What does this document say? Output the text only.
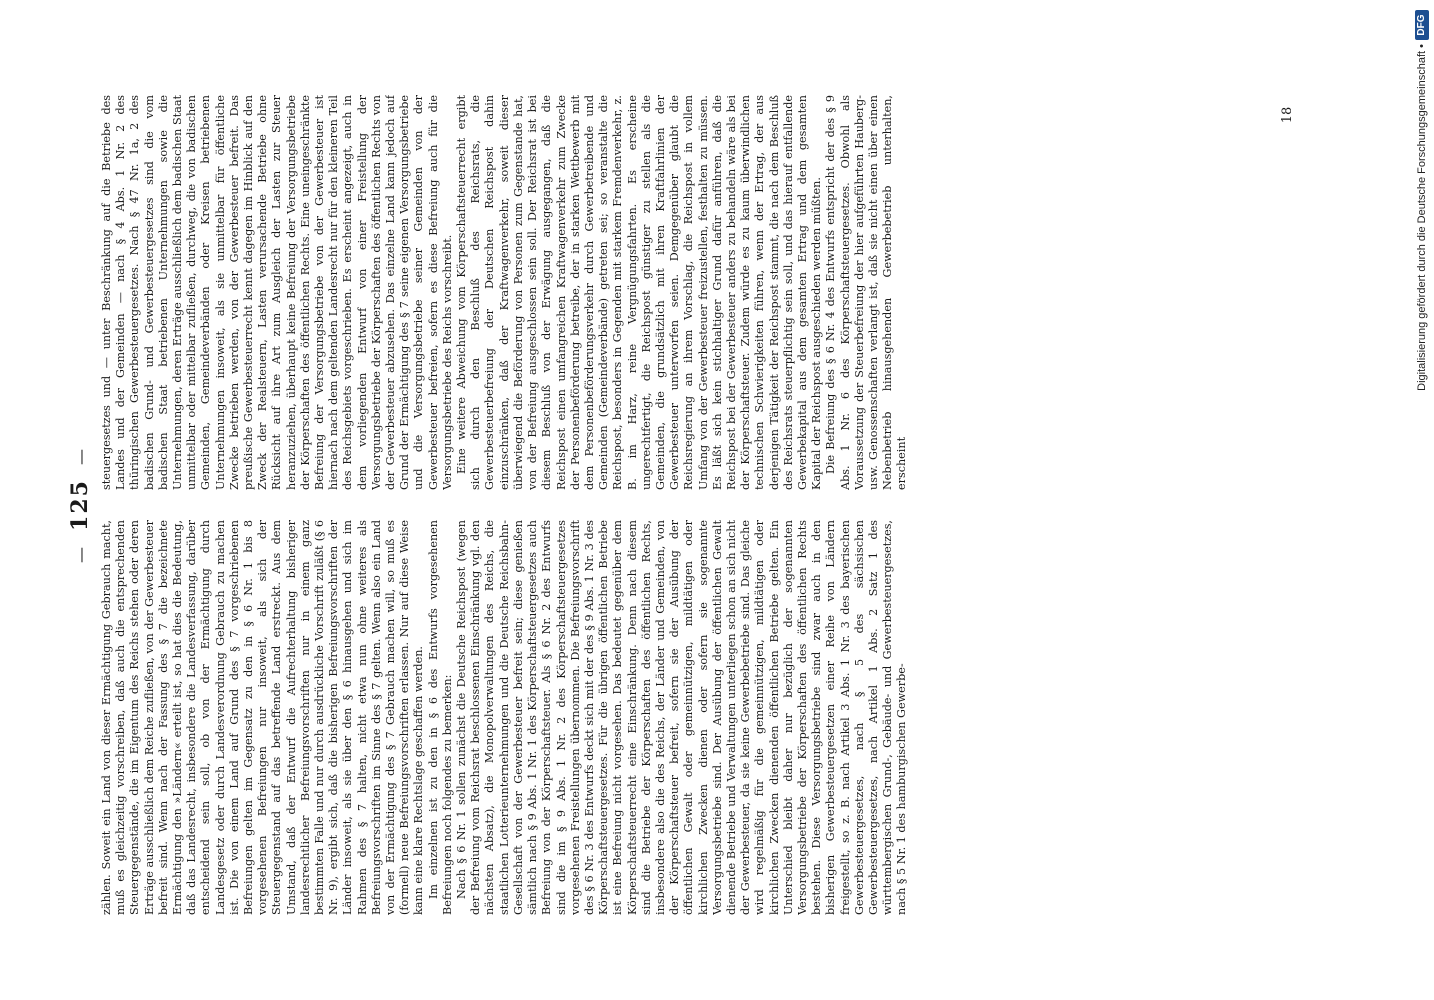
—
125
—

zählen. Soweit ein Land von dieser Ermächtigung Gebrauch macht, muß es gleichzeitig vorschreiben, daß auch die entsprechenden Steuergegenstände, die im Eigentum des Reichs stehen oder deren Erträge ausschließlich dem Reiche zufließen, von der Gewerbesteuer befreit sind. Wenn nach der Fassung des § 7 die bezeichnete Ermächtigung den »Ländern« erteilt ist, so hat dies die Bedeutung, daß das Landesrecht, insbesondere die Landesverfassung, darüber entscheidend sein soll, ob von der Ermächtigung durch Landesgesetz oder durch Landesverordnung Gebrauch zu machen ist. Die von einem Land auf Grund des § 7 vorgeschriebenen Befreiungen gelten im Gegensatz zu den in § 6 Nr. 1 bis 8 vorgesehenen Befreiungen nur insoweit, als sich der Steuergegenstand auf das betreffende Land erstreckt. Aus dem Umstand, daß der Entwurf die Aufrechterhaltung bisheriger landesrechtlicher Befreiungsvorschriften nur in einem ganz bestimmten Falle und nur durch ausdrückliche Vorschrift zuläßt (§ 6 Nr. 9), ergibt sich, daß die bisherigen Befreiungsvorschriften der Länder insoweit, als sie über den § 6 hinausgehen und sich im Rahmen des § 7 halten, nicht etwa nun ohne weiteres als Befreiungsvorschriften im Sinne des § 7 gelten. Wenn also ein Land von der Ermächtigung des § 7 Gebrauch machen will, so muß es (formell) neue Befreiungsvorschriften erlassen. Nur auf diese Weise kann eine klare Rechtslage geschaffen werden. Im einzelnen ist zu den in § 6 des Entwurfs vorgesehenen Befreiungen noch folgendes zu bemerken: Nach § 6 Nr. 1 sollen zunächst die Deutsche Reichspost (wegen der Befreiung vom Reichsrat beschlossenen Einschränkung vgl. den nächsten Absatz), die Monopolverwaltungen des Reichs, die staatlichen Lotterieunternehmungen und die Deutsche Reichsbahn-Gesellschaft von der Gewerbesteuer befreit sein; diese genießen sämtlich nach § 9 Abs. 1 Nr. 1 des Körperschaftsteuergesetzes auch Befreiung von der Körperschaftsteuer. Als § 6 Nr. 2 des Entwurfs sind die im § 9 Abs. 1 Nr. 2 des Körperschaftsteuergesetzes vorgesehenen Freistellungen übernommen. Die Befreiungsvorschrift des § 6 Nr. 3 des Entwurfs deckt sich mit der des § 9 Abs. 1 Nr. 3 des Körperschaftsteuergesetzes. Für die übrigen öffentlichen Betriebe ist eine Befreiung nicht vorgesehen. Das bedeutet gegenüber dem Körperschaftsteuerrecht eine Einschränkung. Denn nach diesem sind die Betriebe der Körperschaften des öffentlichen Rechts, insbesondere also die des Reichs, der Länder und Gemeinden, von der Körperschaftsteuer befreit, sofern sie der Ausübung der öffentlichen Gewalt oder gemeinnützigen, mildtätigen oder kirchlichen Zwecken dienen oder sofern sie sogenannte Versorgungsbetriebe sind. Der Ausübung der öffentlichen Gewalt dienende Betriebe und Verwaltungen unterliegen schon an sich nicht der Gewerbesteuer, da sie keine Gewerbebetriebe sind. Das gleiche wird regelmäßig für die gemeinnützigen, mildtätigen oder kirchlichen Zwecken dienenden öffentlichen Betriebe gelten. Ein Unterschied bleibt daher nur bezüglich der sogenannten Versorgungsbetriebe der Körperschaften des öffentlichen Rechts bestehen. Diese Versorgungsbetriebe sind zwar auch in den bisherigen Gewerbesteuergesetzen einer Reihe von Ländern freigestellt, so z. B. nach Artikel 3 Abs. 1 Nr. 3 des bayerischen Gewerbesteuergesetzes, nach § 5 des sächsischen Gewerbesteuergesetzes, nach Artikel 1 Abs. 2 Satz 1 des württembergischen Grund-, Gebäude- und Gewerbesteuergesetzes, nach § 5 Nr. 1 des hamburgischen Gewerbe-

steuergesetzes und — unter Beschränkung auf die Betriebe des Landes und der Gemeinden — nach § 4 Abs. 1 Nr. 2 des thüringischen Gewerbesteuergesetzes. Nach § 47 Nr. 1a, 2 des badischen Grund- und Gewerbesteuergesetzes sind die vom badischen Staat betriebenen Unternehmungen sowie die Unternehmungen, deren Erträge ausschließlich dem badischen Staat unmittelbar oder mittelbar zufließen, durchweg, die von badischen Gemeinden, Gemeindeverbänden oder Kreisen betriebenen Unternehmungen insoweit, als sie unmittelbar für öffentliche Zwecke betrieben werden, von der Gewerbesteuer befreit. Das preußische Gewerbesteuerrecht kennt dagegen im Hinblick auf den Zweck der Realsteuern, Lasten verursachende Betriebe ohne Rücksicht auf ihre Art zum Ausgleich der Lasten zur Steuer heranzuziehen, überhaupt keine Befreiung der Versorgungsbetriebe der Körperschaften des öffentlichen Rechts. Eine uneingeschränkte Befreiung der Versorgungsbetriebe von der Gewerbesteuer ist hiernach nach dem geltenden Landesrecht nur für den kleineren Teil des Reichsgebiets vorgeschrieben. Es erscheint angezeigt, auch in dem vorliegenden Entwurf von einer Freistellung der Versorgungsbetriebe der Körperschaften des öffentlichen Rechts von der Gewerbesteuer abzusehen. Das einzelne Land kann jedoch auf Grund der Ermächtigung des § 7 seine eigenen Versorgungsbetriebe und die Versorgungsbetriebe seiner Gemeinden von der Gewerbesteuer befreien, sofern es diese Befreiung auch für die Versorgungsbetriebe des Reichs vorschreibt. Eine weitere Abweichung vom Körperschaftsteuerrecht ergibt sich durch den Beschluß des Reichsrats, die Gewerbesteuerbefreiung der Deutschen Reichspost dahin einzuschränken, daß der Kraftwagenverkehr, soweit dieser überwiegend die Beförderung von Personen zum Gegenstande hat, von der Befreiung ausgeschlossen sein soll. Der Reichsrat ist bei diesem Beschluß von der Erwägung ausgegangen, daß die Reichspost einen umfangreichen Kraftwagenverkehr zum Zwecke der Personenbeförderung betreibe, der in starken Wettbewerb mit dem Personenbeförderungsverkehr durch Gewerbetreibende und Gemeinden (Gemeindeverbände) getreten sei; so veranstalte die Reichspost, besonders in Gegenden mit starkem Fremdenverkehr, z. B. im Harz, reine Vergnügungsfahrten. Es erscheine ungerechtfertigt, die Reichspost günstiger zu stellen als die Gemeinden, die grundsätzlich mit ihren Kraftfahrlinien der Gewerbesteuer unterworfen seien. Demgegenüber glaubt die Reichsregierung an ihrem Vorschlag, die Reichspost in vollem Umfang von der Gewerbesteuer freizustellen, festhalten zu müssen. Es läßt sich kein stichhaltiger Grund dafür anführen, daß die Reichspost bei der Gewerbesteuer anders zu behandeln wäre als bei der Körperschaftsteuer. Zudem würde es zu kaum überwindlichen technischen Schwierigkeiten führen, wenn der Ertrag, der aus derjenigen Tätigkeit der Reichspost stammt, die nach dem Beschluß des Reichsrats steuerpflichtig sein soll, und das hierauf entfallende Gewerbekapital aus dem gesamten Ertrag und dem gesamten Kapital der Reichspost ausgeschieden werden müßten. Die Befreiung des § 6 Nr. 4 des Entwurfs entspricht der des § 9 Abs. 1 Nr. 6 des Körperschaftsteuergesetzes. Obwohl als Voraussetzung der Steuerbefreiung der hier aufgeführten Hauberg- usw. Genossenschaften verlangt ist, daß sie nicht einen über einen Nebenbetrieb hinausgehenden Gewerbebetrieb unterhalten, erscheint

18	Digitalisierung gefördert durch die Deutsche Forschungsgemeinschaft •
DFG
